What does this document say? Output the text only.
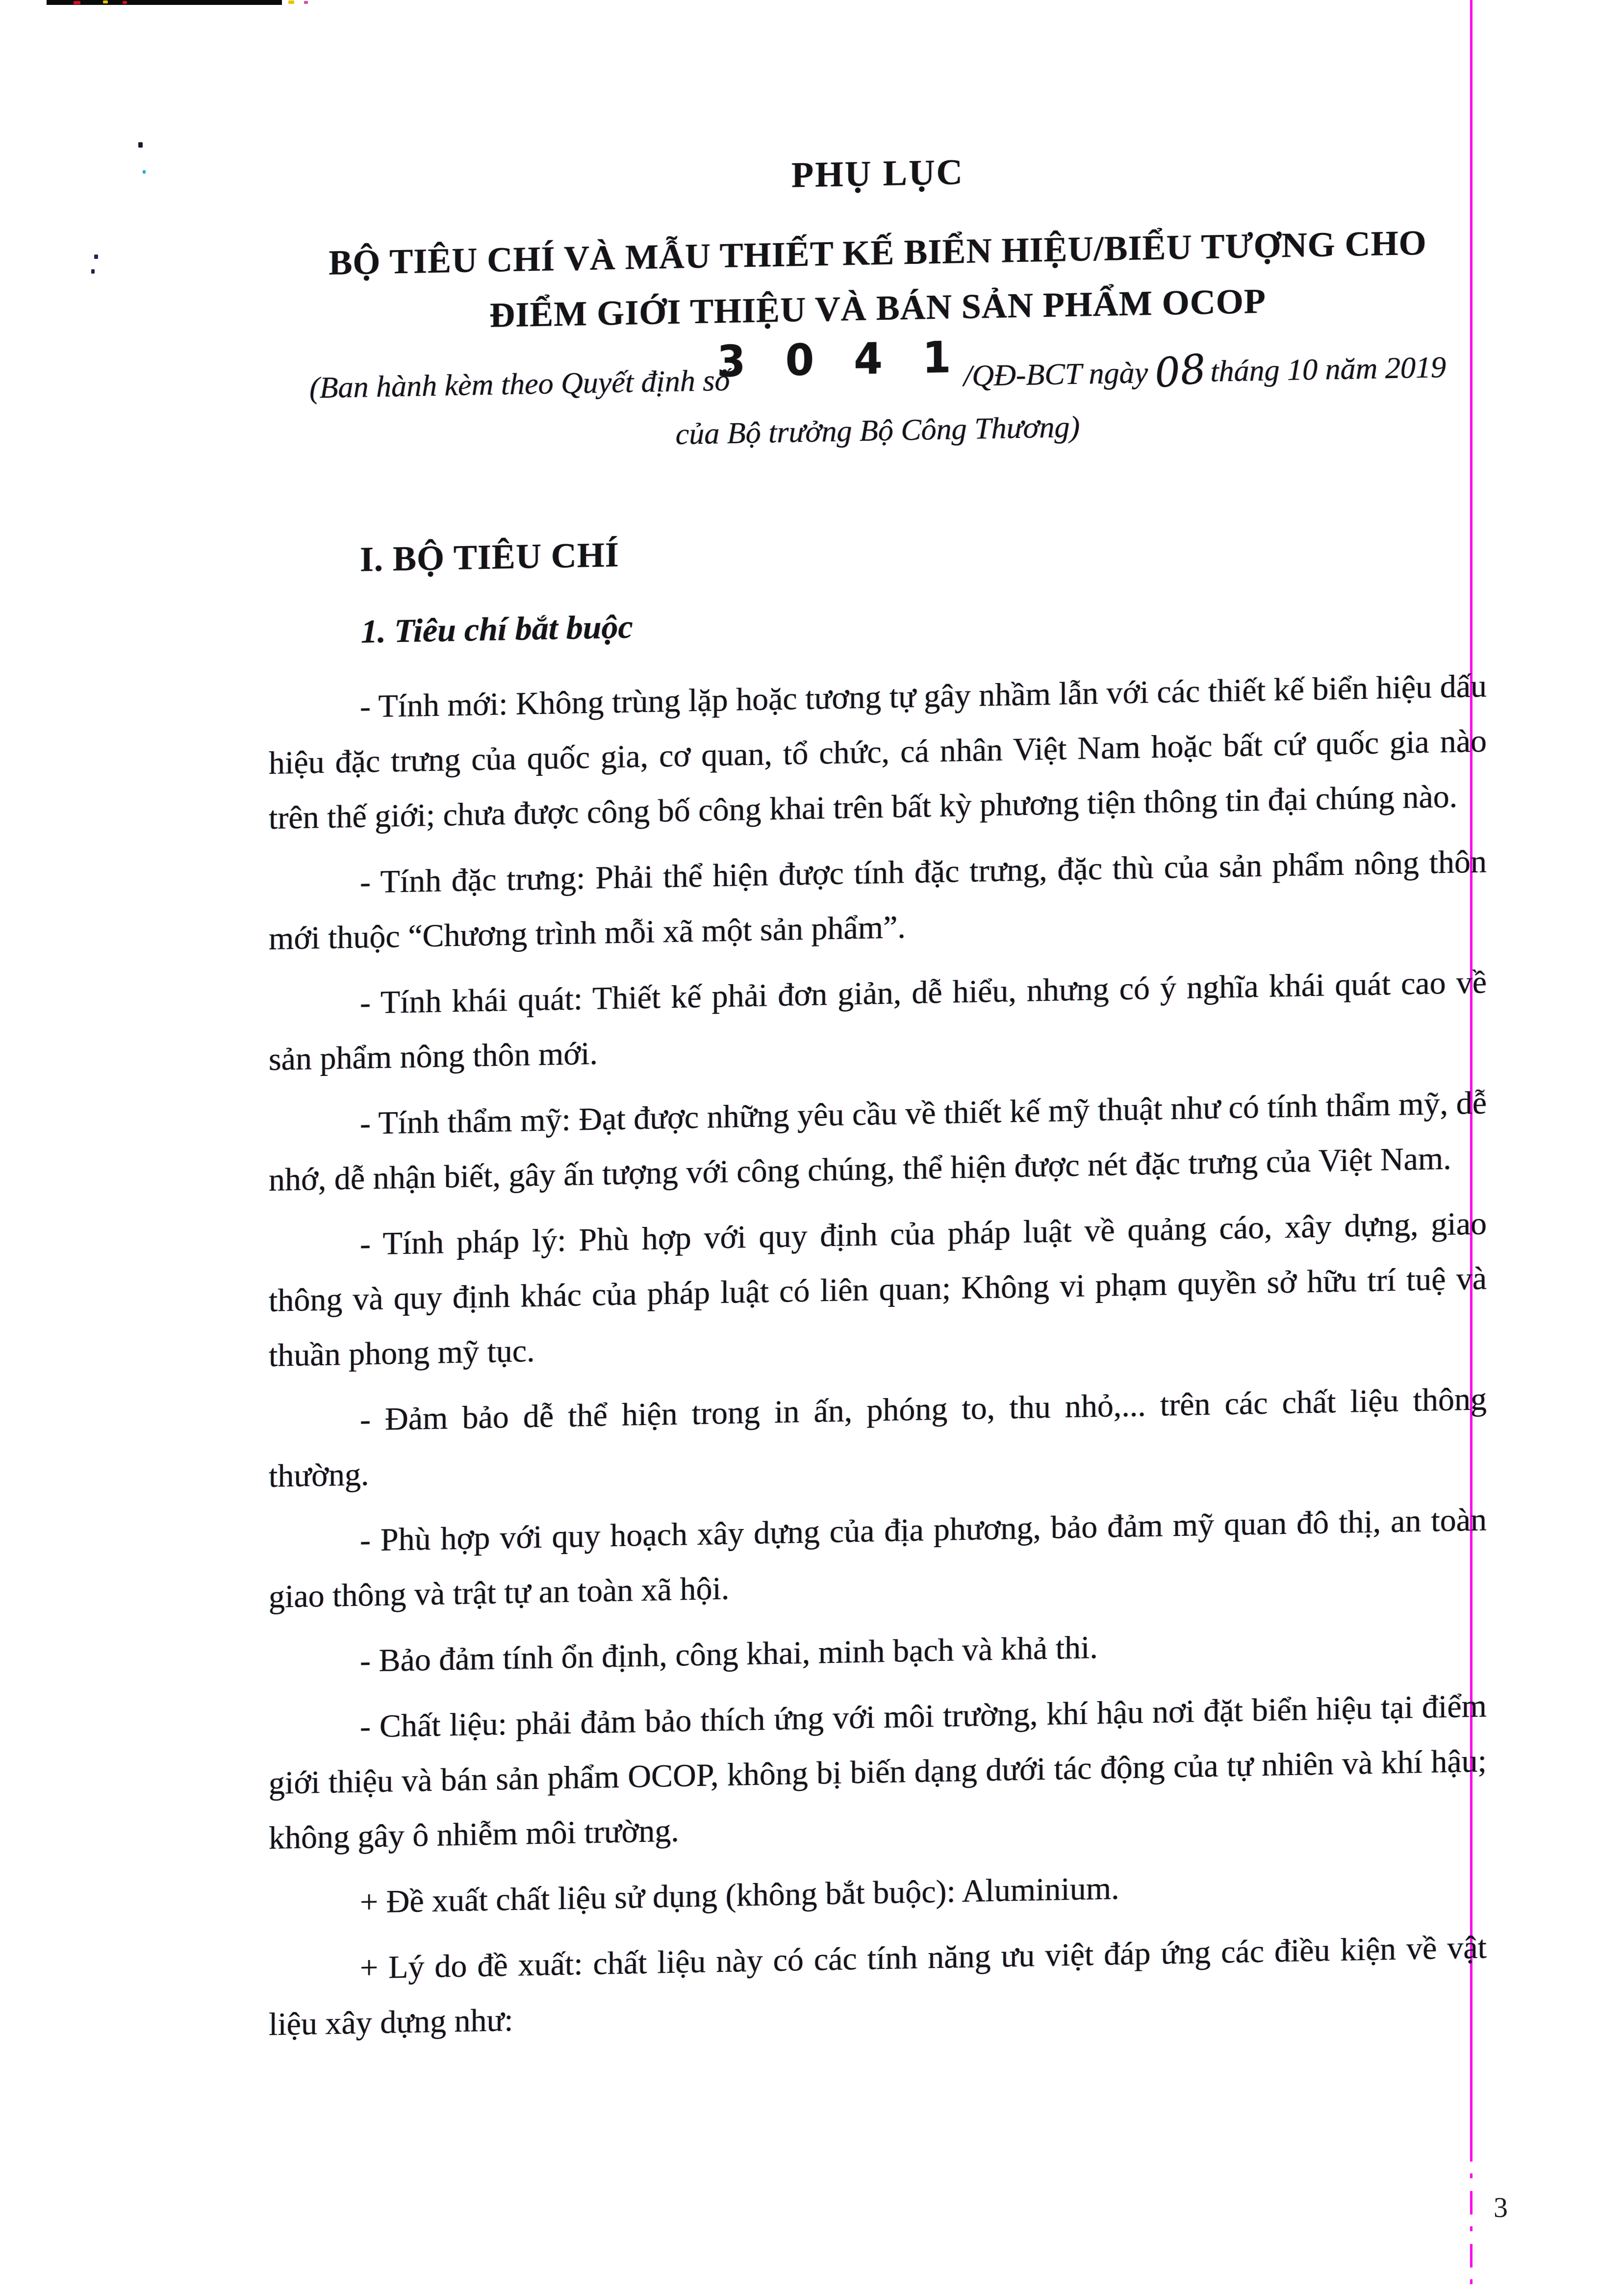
PHỤ LỤC
BỘ TIÊU CHÍ VÀ MẪU THIẾT KẾ BIỂN HIỆU/BIỂU TƯỢNG CHO
ĐIỂM GIỚI THIỆU VÀ BÁN SẢN PHẨM OCOP
(Ban hành kèm theo Quyết định số 3 0 4 1 /QĐ-BCT ngày 08 tháng 10 năm 2019
của Bộ trưởng Bộ Công Thương)
I. BỘ TIÊU CHÍ
1. Tiêu chí bắt buộc

- Tính mới: Không trùng lặp hoặc tương tự gây nhầm lẫn với các thiết kế biển hiệu dấu hiệu đặc trưng của quốc gia, cơ quan, tổ chức, cá nhân Việt Nam hoặc bất cứ quốc gia nào trên thế giới; chưa được công bố công khai trên bất kỳ phương tiện thông tin đại chúng nào.

- Tính đặc trưng: Phải thể hiện được tính đặc trưng, đặc thù của sản phẩm nông thôn mới thuộc “Chương trình mỗi xã một sản phẩm”.

- Tính khái quát: Thiết kế phải đơn giản, dễ hiểu, nhưng có ý nghĩa khái quát cao về sản phẩm nông thôn mới.

- Tính thẩm mỹ: Đạt được những yêu cầu về thiết kế mỹ thuật như có tính thẩm mỹ, dễ nhớ, dễ nhận biết, gây ấn tượng với công chúng, thể hiện được nét đặc trưng của Việt Nam.

- Tính pháp lý: Phù hợp với quy định của pháp luật về quảng cáo, xây dựng, giao thông và quy định khác của pháp luật có liên quan; Không vi phạm quyền sở hữu trí tuệ và thuần phong mỹ tục.

- Đảm bảo dễ thể hiện trong in ấn, phóng to, thu nhỏ,... trên các chất liệu thông thường.

- Phù hợp với quy hoạch xây dựng của địa phương, bảo đảm mỹ quan đô thị, an toàn giao thông và trật tự an toàn xã hội.

- Bảo đảm tính ổn định, công khai, minh bạch và khả thi.

- Chất liệu: phải đảm bảo thích ứng với môi trường, khí hậu nơi đặt biển hiệu tại điểm giới thiệu và bán sản phẩm OCOP, không bị biến dạng dưới tác động của tự nhiên và khí hậu; không gây ô nhiễm môi trường.

+ Đề xuất chất liệu sử dụng (không bắt buộc): Aluminium.

+ Lý do đề xuất: chất liệu này có các tính năng ưu việt đáp ứng các điều kiện về vật liệu xây dựng như:

3
